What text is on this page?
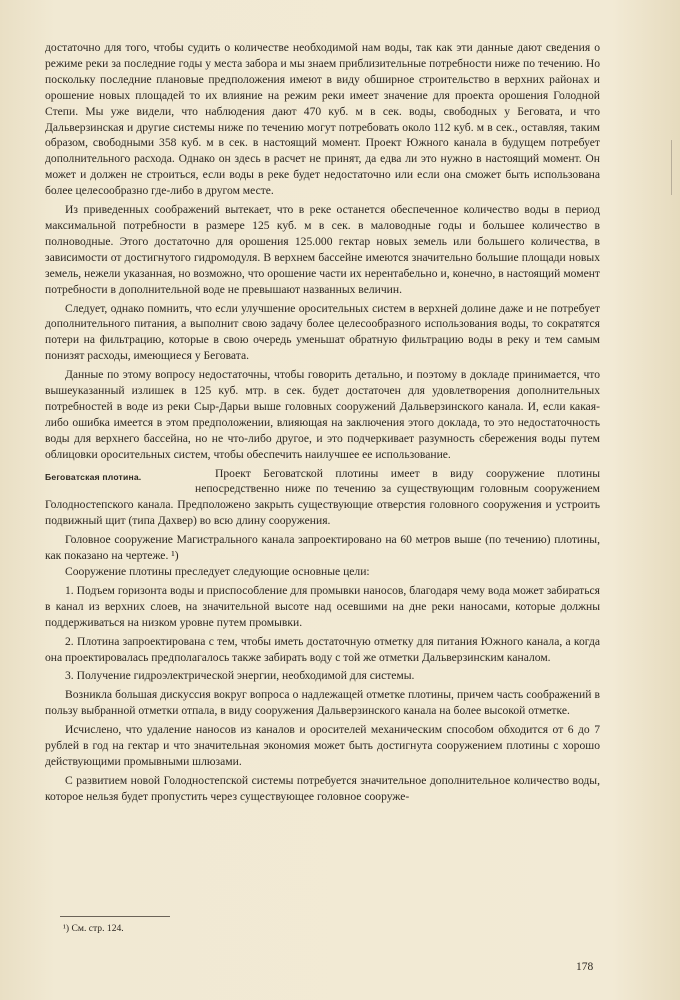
достаточно для того, чтобы судить о количестве необходимой нам воды, так как эти данные дают сведения о режиме реки за последние годы у места забора и мы знаем приблизительные потребности ниже по течению. Но поскольку последние плановые предположения имеют в виду обширное строительство в верхних районах и орошение новых площадей то их влияние на режим реки имеет значение для проекта орошения Голодной Степи. Мы уже видели, что наблюдения дают 470 куб. м в сек. воды, свободных у Беговата, и что Дальверзинская и другие системы ниже по течению могут потребовать около 112 куб. м в сек., оставляя, таким образом, свободными 358 куб. м в сек. в настоящий момент. Проект Южного канала в будущем потребует дополнительного расхода. Однако он здесь в расчет не принят, да едва ли это нужно в настоящий момент. Он может и должен не строиться, если воды в реке будет недостаточно или если она сможет быть использована более целесообразно где-либо в другом месте.

Из приведенных соображений вытекает, что в реке останется обеспеченное количество воды в период максимальной потребности в размере 125 куб. м в сек. в маловодные годы и большее количество в полноводные. Этого достаточно для орошения 125.000 гектар новых земель или большего количества, в зависимости от достигнутого гидромодуля. В верхнем бассейне имеются значительно большие площади новых земель, нежели указанная, но возможно, что орошение части их нерентабельно и, конечно, в настоящий момент потребности в дополнительной воде не превышают названных величин.

Следует, однако помнить, что если улучшение оросительных систем в верхней долине даже и не потребует дополнительного питания, а выполнит свою задачу более целесообразного использования воды, то сократятся потери на фильтрацию, которые в свою очередь уменьшат обратную фильтрацию воды в реку и тем самым понизят расходы, имеющиеся у Беговата.

Данные по этому вопросу недостаточны, чтобы говорить детально, и поэтому в докладе принимается, что вышеуказанный излишек в 125 куб. мтр. в сек. будет достаточен для удовлетворения дополнительных потребностей в воде из реки Сыр-Дарьи выше головных сооружений Дальверзинского канала. И, если какая-либо ошибка имеется в этом предположении, влияющая на заключения этого доклада, то это недостаточность воды для верхнего бассейна, но не что-либо другое, и это подчеркивает разумность сбережения воды путем облицовки оросительных систем, чтобы обеспечить наилучшее ее использование.

Беговатская плотина.	Проект Беговатской плотины имеет в виду сооружение плотины непосредственно ниже по течению за существующим головным сооружением Голодностепского канала. Предположено закрыть существующие отверстия головного сооружения и устроить подвижный щит (типа Дахвер) во всю длину сооружения.

Головное сооружение Магистрального канала запроектировано на 60 метров выше (по течению) плотины, как показано на чертеже. ¹)

Сооружение плотины преследует следующие основные цели:

1. Подъем горизонта воды и приспособление для промывки наносов, благодаря чему вода может забираться в канал из верхних слоев, на значительной высоте над осевшими на дне реки наносами, которые должны поддерживаться на низком уровне путем промывки.

2. Плотина запроектирована с тем, чтобы иметь достаточную отметку для питания Южного канала, а когда она проектировалась предполагалось также забирать воду с той же отметки Дальверзинским каналом.

3. Получение гидроэлектрической энергии, необходимой для системы.

Возникла большая дискуссия вокруг вопроса о надлежащей отметке плотины, причем часть соображений в пользу выбранной отметки отпала, в виду сооружения Дальверзинского канала на более высокой отметке.

Исчислено, что удаление наносов из каналов и оросителей механическим способом обходится от 6 до 7 рублей в год на гектар и что значительная экономия может быть достигнута сооружением плотины с хорошо действующими промывными шлюзами.

С развитием новой Голодностепской системы потребуется значительное дополнительное количество воды, которое нельзя будет пропустить через существующее головное сооруже-

¹) См. стр. 124.
178
